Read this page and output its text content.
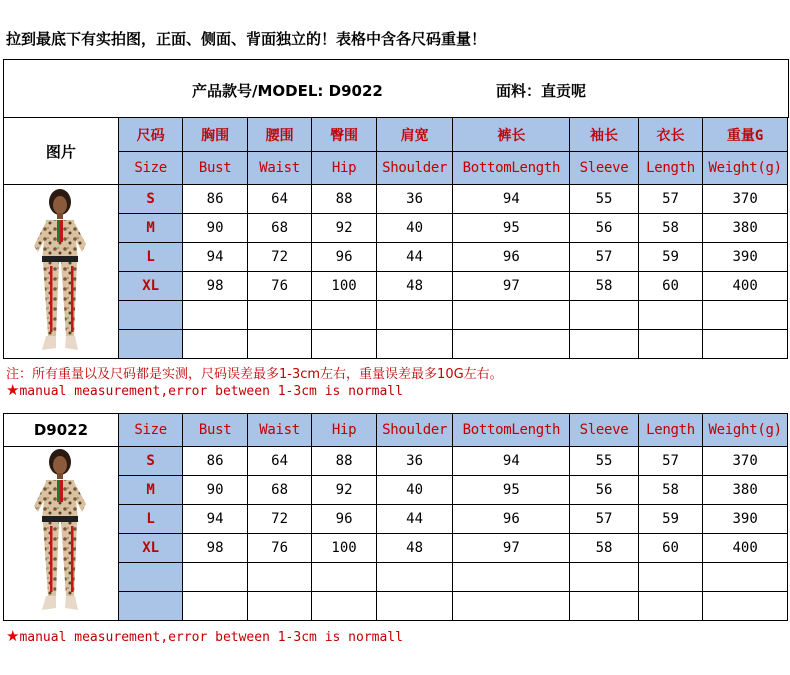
拉到最底下有实拍图，正面、侧面、背面独立的！表格中含各尺码重量！
产品款号/MODEL: D9022	面料：直贡呢
图片	尺码	胸围	腰围	臀围	肩宽	裤长	袖长	衣长	重量G
	Size	Bust	Waist	Hip	Shoulder	BottomLength	Sleeve	Length	Weight(g)
	S	86	64	88	36	94	55	57	370
	M	90	68	92	40	95	56	58	380
	L	94	72	96	44	96	57	59	390
	XL	98	76	100	48	97	58	60	400

D9022	Size	Bust	Waist	Hip	Shoulder	BottomLength	Sleeve	Length	Weight(g)
	S	86	64	88	36	94	55	57	370
	M	90	68	92	40	95	56	58	380
	L	94	72	96	44	96	57	59	390
	XL	98	76	100	48	97	58	60	400

注：所有重量以及尺码都是实测，尺码误差最多1-3cm左右，重量误差最多10G左右。
★manual measurement,error between 1-3cm is normall
★manual measurement,error between 1-3cm is normall
